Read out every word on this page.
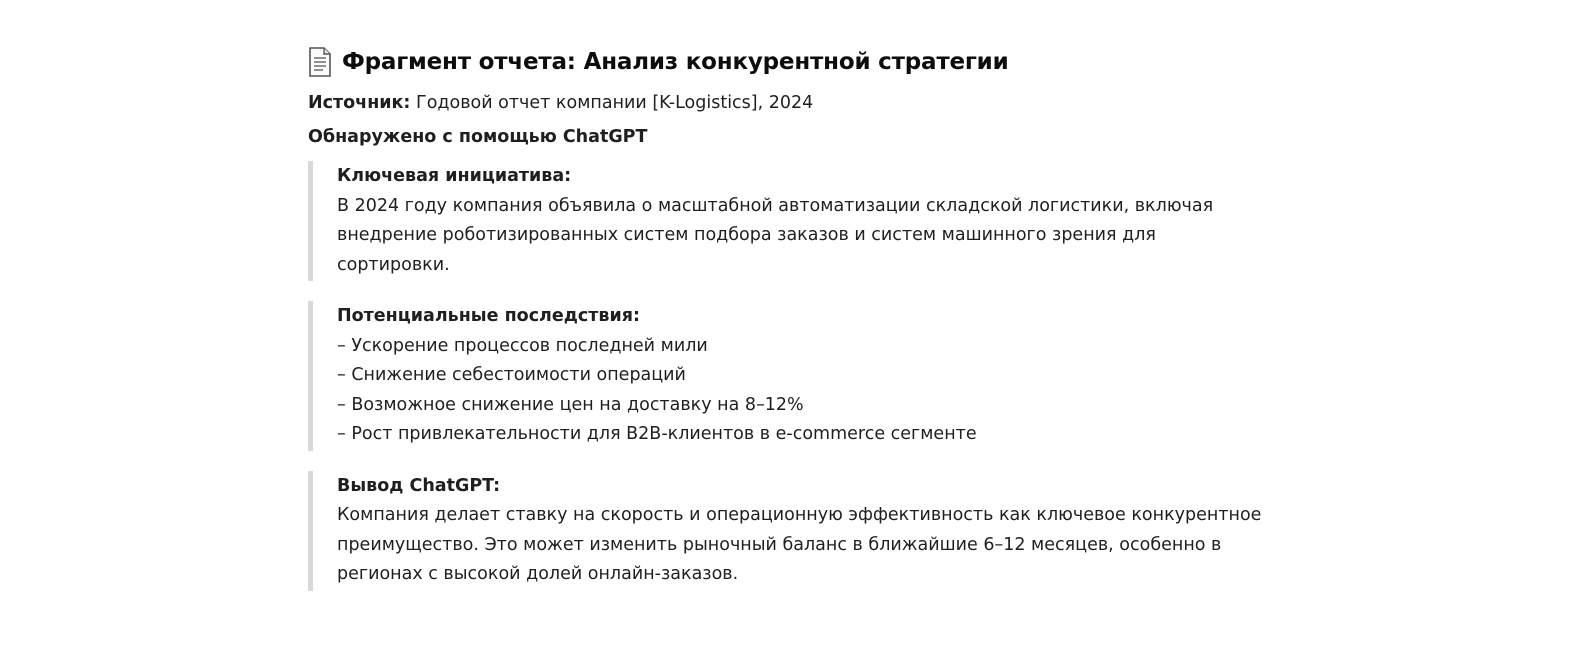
Фрагмент отчета: Анализ конкурентной стратегии
Источник: Годовой отчет компании [K-Logistics], 2024
Обнаружено с помощью ChatGPT

Ключевая инициатива:

В 2024 году компания объявила о масштабной автоматизации складской логистики, включая

внедрение роботизированных систем подбора заказов и систем машинного зрения для

сортировки.

Потенциальные последствия:

– Ускорение процессов последней мили

– Снижение себестоимости операций

– Возможное снижение цен на доставку на 8–12%

– Рост привлекательности для B2B-клиентов в e-commerce сегменте

Вывод ChatGPT:

Компания делает ставку на скорость и операционную эффективность как ключевое конкурентное

преимущество. Это может изменить рыночный баланс в ближайшие 6–12 месяцев, особенно в

регионах с высокой долей онлайн-заказов.
